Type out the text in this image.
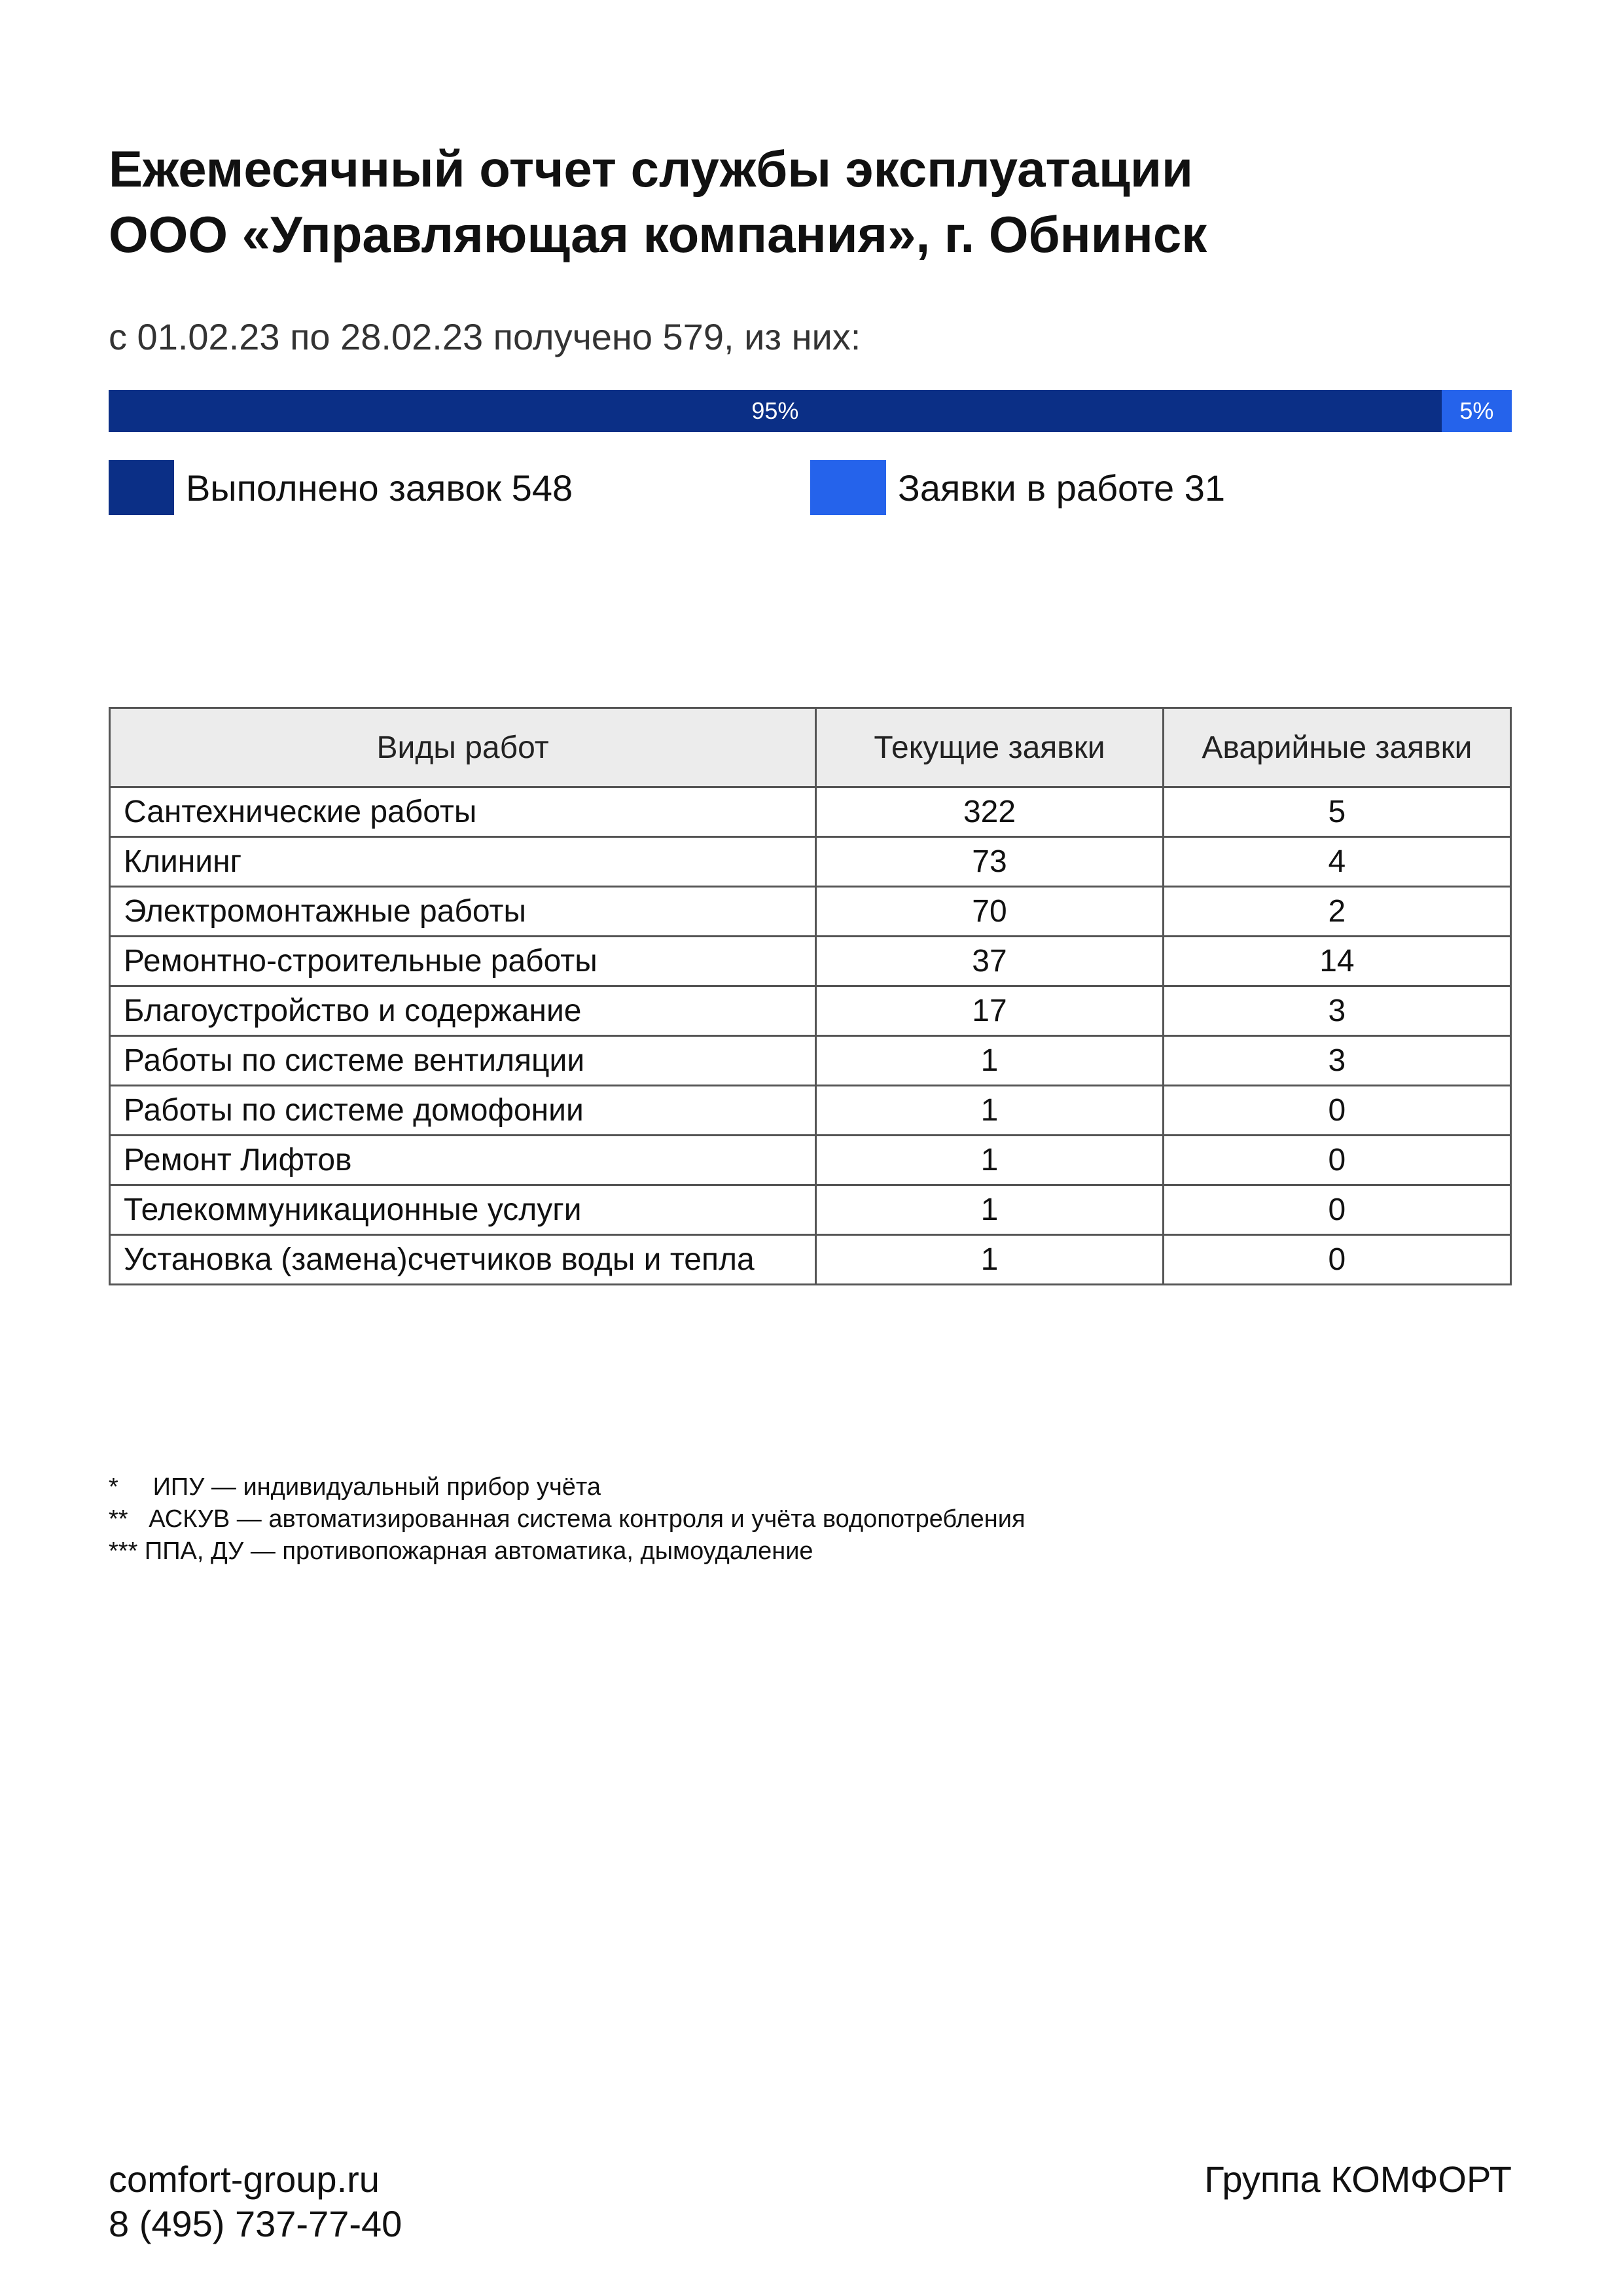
Ежемесячный отчет службы эксплуатации
ООО «Управляющая компания», г. Обнинск
с 01.02.23 по 28.02.23 получено 579, из них:
95%	5%
Выполнено заявок 548	Заявки в работе 31
Виды работ	Текущие заявки	Аварийные заявки
Сантехнические работы	322	5
Клининг	73	4
Электромонтажные работы	70	2
Ремонтно-строительные работы	37	14
Благоустройство и содержание	17	3
Работы по системе вентиляции	1	3
Работы по системе домофонии	1	0
Ремонт Лифтов	1	0
Телекоммуникационные услуги	1	0
Установка (замена)счетчиков воды и тепла	1	0
*     ИПУ — индивидуальный прибор учёта
**   АСКУВ — автоматизированная система контроля и учёта водопотребления
*** ППА, ДУ — противопожарная автоматика, дымоудаление
comfort-group.ru
8 (495) 737-77-40
Группа КОМФОРТ
